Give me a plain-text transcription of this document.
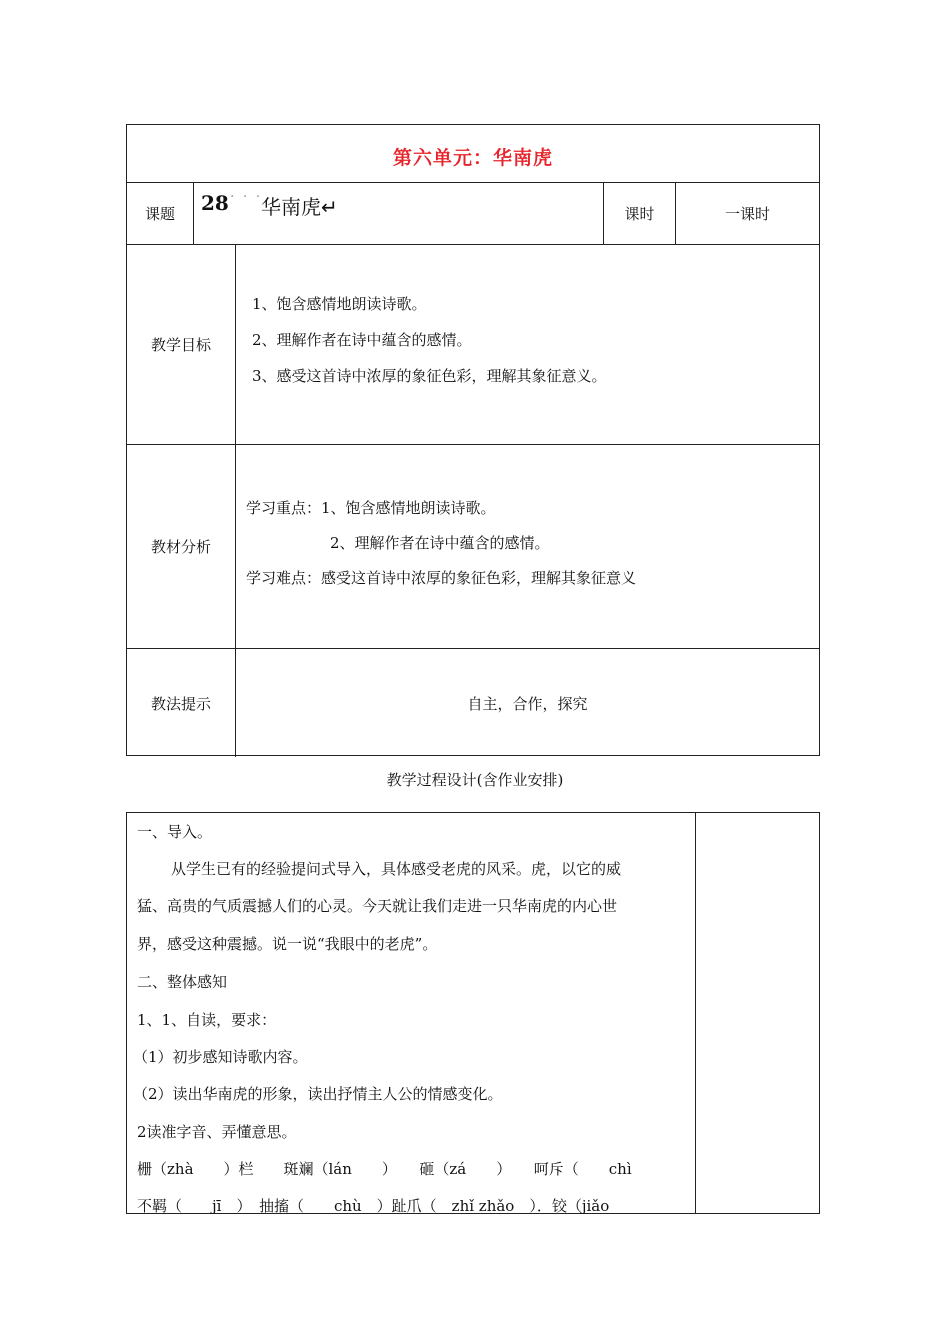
第六单元：华南虎
课题	28 · · ·
华南虎↵	课时	一课时
教学目标
1、饱含感情地朗读诗歌。
2、理解作者在诗中蕴含的感情。
3、感受这首诗中浓厚的象征色彩，理解其象征意义。
教材分析
学习重点：1、饱含感情地朗读诗歌。
2、理解作者在诗中蕴含的感情。
学习难点：感受这首诗中浓厚的象征色彩，理解其象征意义
教法提示	自主，合作，探究
教学过程设计(含作业安排)
一、导入。
从学生已有的经验提问式导入，具体感受老虎的风采。虎，以它的威
猛、高贵的气质震撼人们的心灵。今天就让我们走进一只华南虎的内心世
界，感受这种震撼。说一说“我眼中的老虎”。
二、整体感知
1、1、自读，要求：
（1）初步感知诗歌内容。
（2）读出华南虎的形象，读出抒情主人公的情感变化。
2读准字音、弄懂意思。
栅（zhà　　）栏　　斑斓（lán　　）　　砸（zá　　）　　呵斥（　　chì
不羁（　　jī　）　抽搐（　　chù　）趾爪（　zhǐ zhǎo　）．铰（jiǎo
